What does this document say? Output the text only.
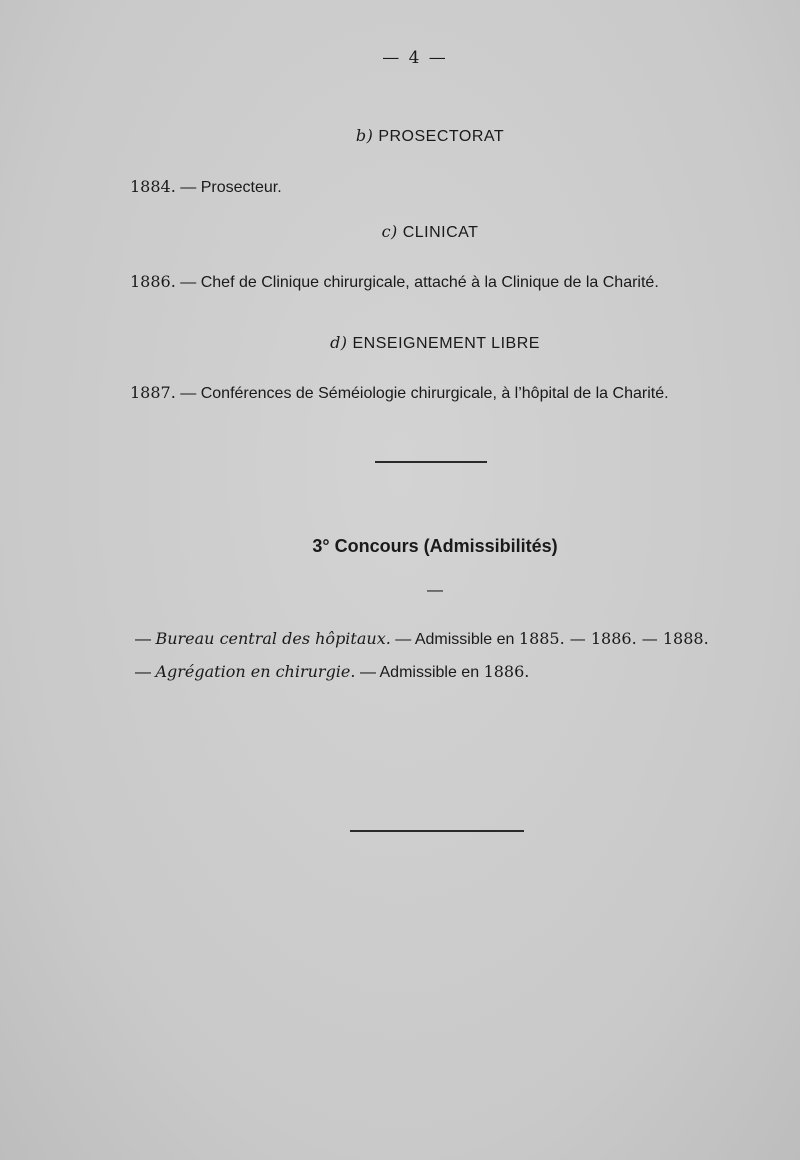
— 4 —
b) PROSECTORAT
1884. — Prosecteur.
c) CLINICAT
1886. — Chef de Clinique chirurgicale, attaché à la Clinique de la Charité.
d) ENSEIGNEMENT LIBRE
1887. — Conférences de Séméiologie chirurgicale, à l’hôpital de la Charité.
3° Concours (Admissibilités)
—
— Bureau central des hôpitaux. — Admissible en 1885. — 1886. — 1888.
— Agrégation en chirurgie. — Admissible en 1886.
